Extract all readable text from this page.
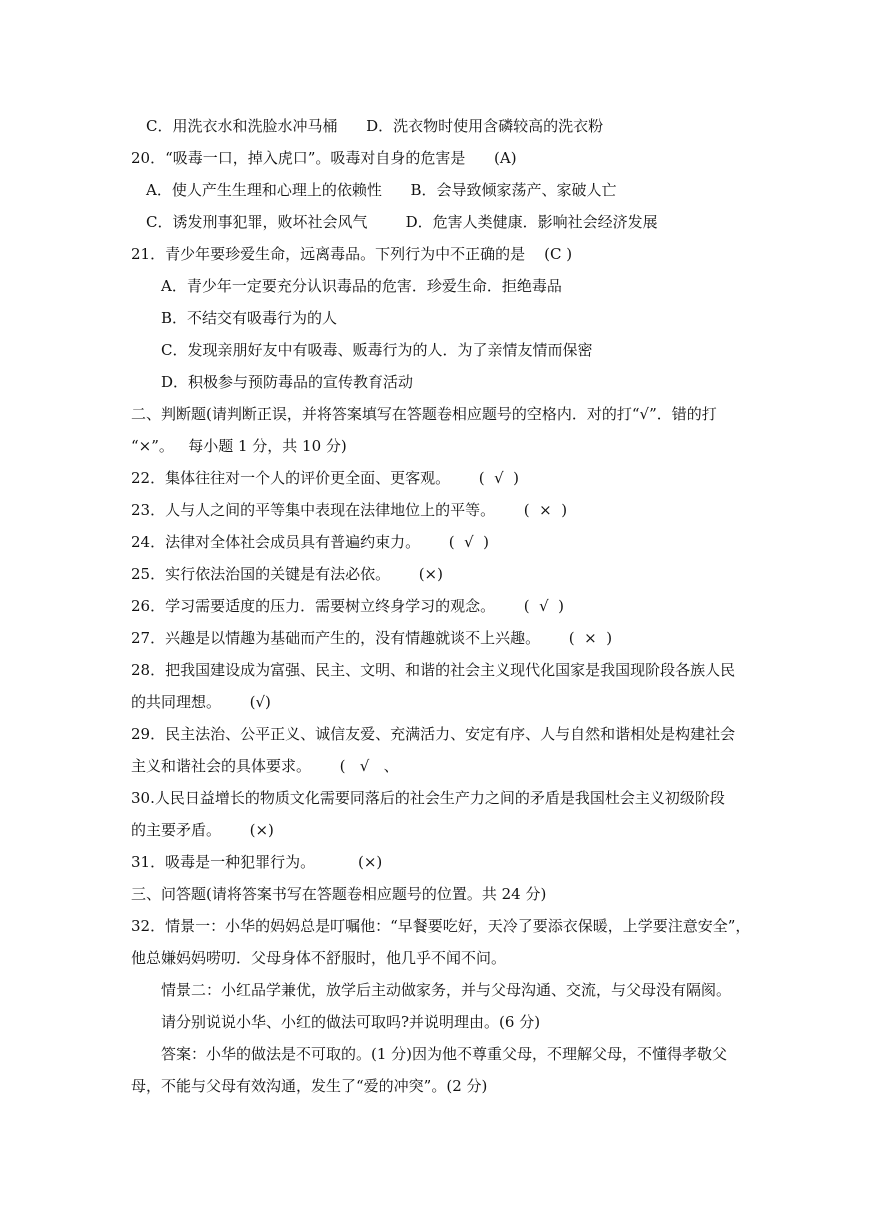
C．用洗衣水和洗脸水冲马桶      D．洗衣物时使用含磷较高的洗衣粉
20．“吸毒一口，掉入虎口”。吸毒对自身的危害是      (A)
A．使人产生生理和心理上的依赖性      B．会导致倾家荡产、家破人亡
C．诱发刑事犯罪，败坏社会风气        D．危害人类健康．影响社会经济发展
21．青少年要珍爱生命，远离毒品。下列行为中不正确的是    (C )
A．青少年一定要充分认识毒品的危害．珍爱生命．拒绝毒品
B．不结交有吸毒行为的人
C．发现亲朋好友中有吸毒、贩毒行为的人．为了亲情友情而保密
D．积极参与预防毒品的宣传教育活动
二、判断题(请判断正误，并将答案填写在答题卷相应题号的空格内．对的打“√”．错的打
“×”。   每小题 1 分，共 10 分)
22．集体往往对一个人的评价更全面、更客观。      (  √  )
23．人与人之间的平等集中表现在法律地位上的平等。      (  ×  )
24．法律对全体社会成员具有普遍约束力。      (  √  )
25．实行依法治国的关键是有法必依。      (×)
26．学习需要适度的压力．需要树立终身学习的观念。      (  √  )
27．兴趣是以情趣为基础而产生的，没有情趣就谈不上兴趣。      (  ×  )
28．把我国建设成为富强、民主、文明、和谐的社会主义现代化国家是我国现阶段各族人民
的共同理想。      (√)
29．民主法治、公平正义、诚信友爱、充满活力、安定有序、人与自然和谐相处是构建社会
主义和谐社会的具体要求。      (   √   、
30.人民日益增长的物质文化需要同落后的社会生产力之间的矛盾是我国杜会主义初级阶段
的主要矛盾。      (×)
31．吸毒是一种犯罪行为。         (×)
三、问答题(请将答案书写在答题卷相应题号的位置。共 24 分)
32．情景一：小华的妈妈总是叮嘱他：“早餐要吃好，天冷了要添衣保暖，上学要注意安全”，
他总嫌妈妈唠叨．父母身体不舒服时，他几乎不闻不问。
情景二：小红品学兼优，放学后主动做家务，并与父母沟通、交流，与父母没有隔阂。
请分别说说小华、小红的做法可取吗?并说明理由。(6 分)
答案：小华的做法是不可取的。(1 分)因为他不尊重父母，不理解父母，不懂得孝敬父
母，不能与父母有效沟通，发生了“爱的冲突”。(2 分)
